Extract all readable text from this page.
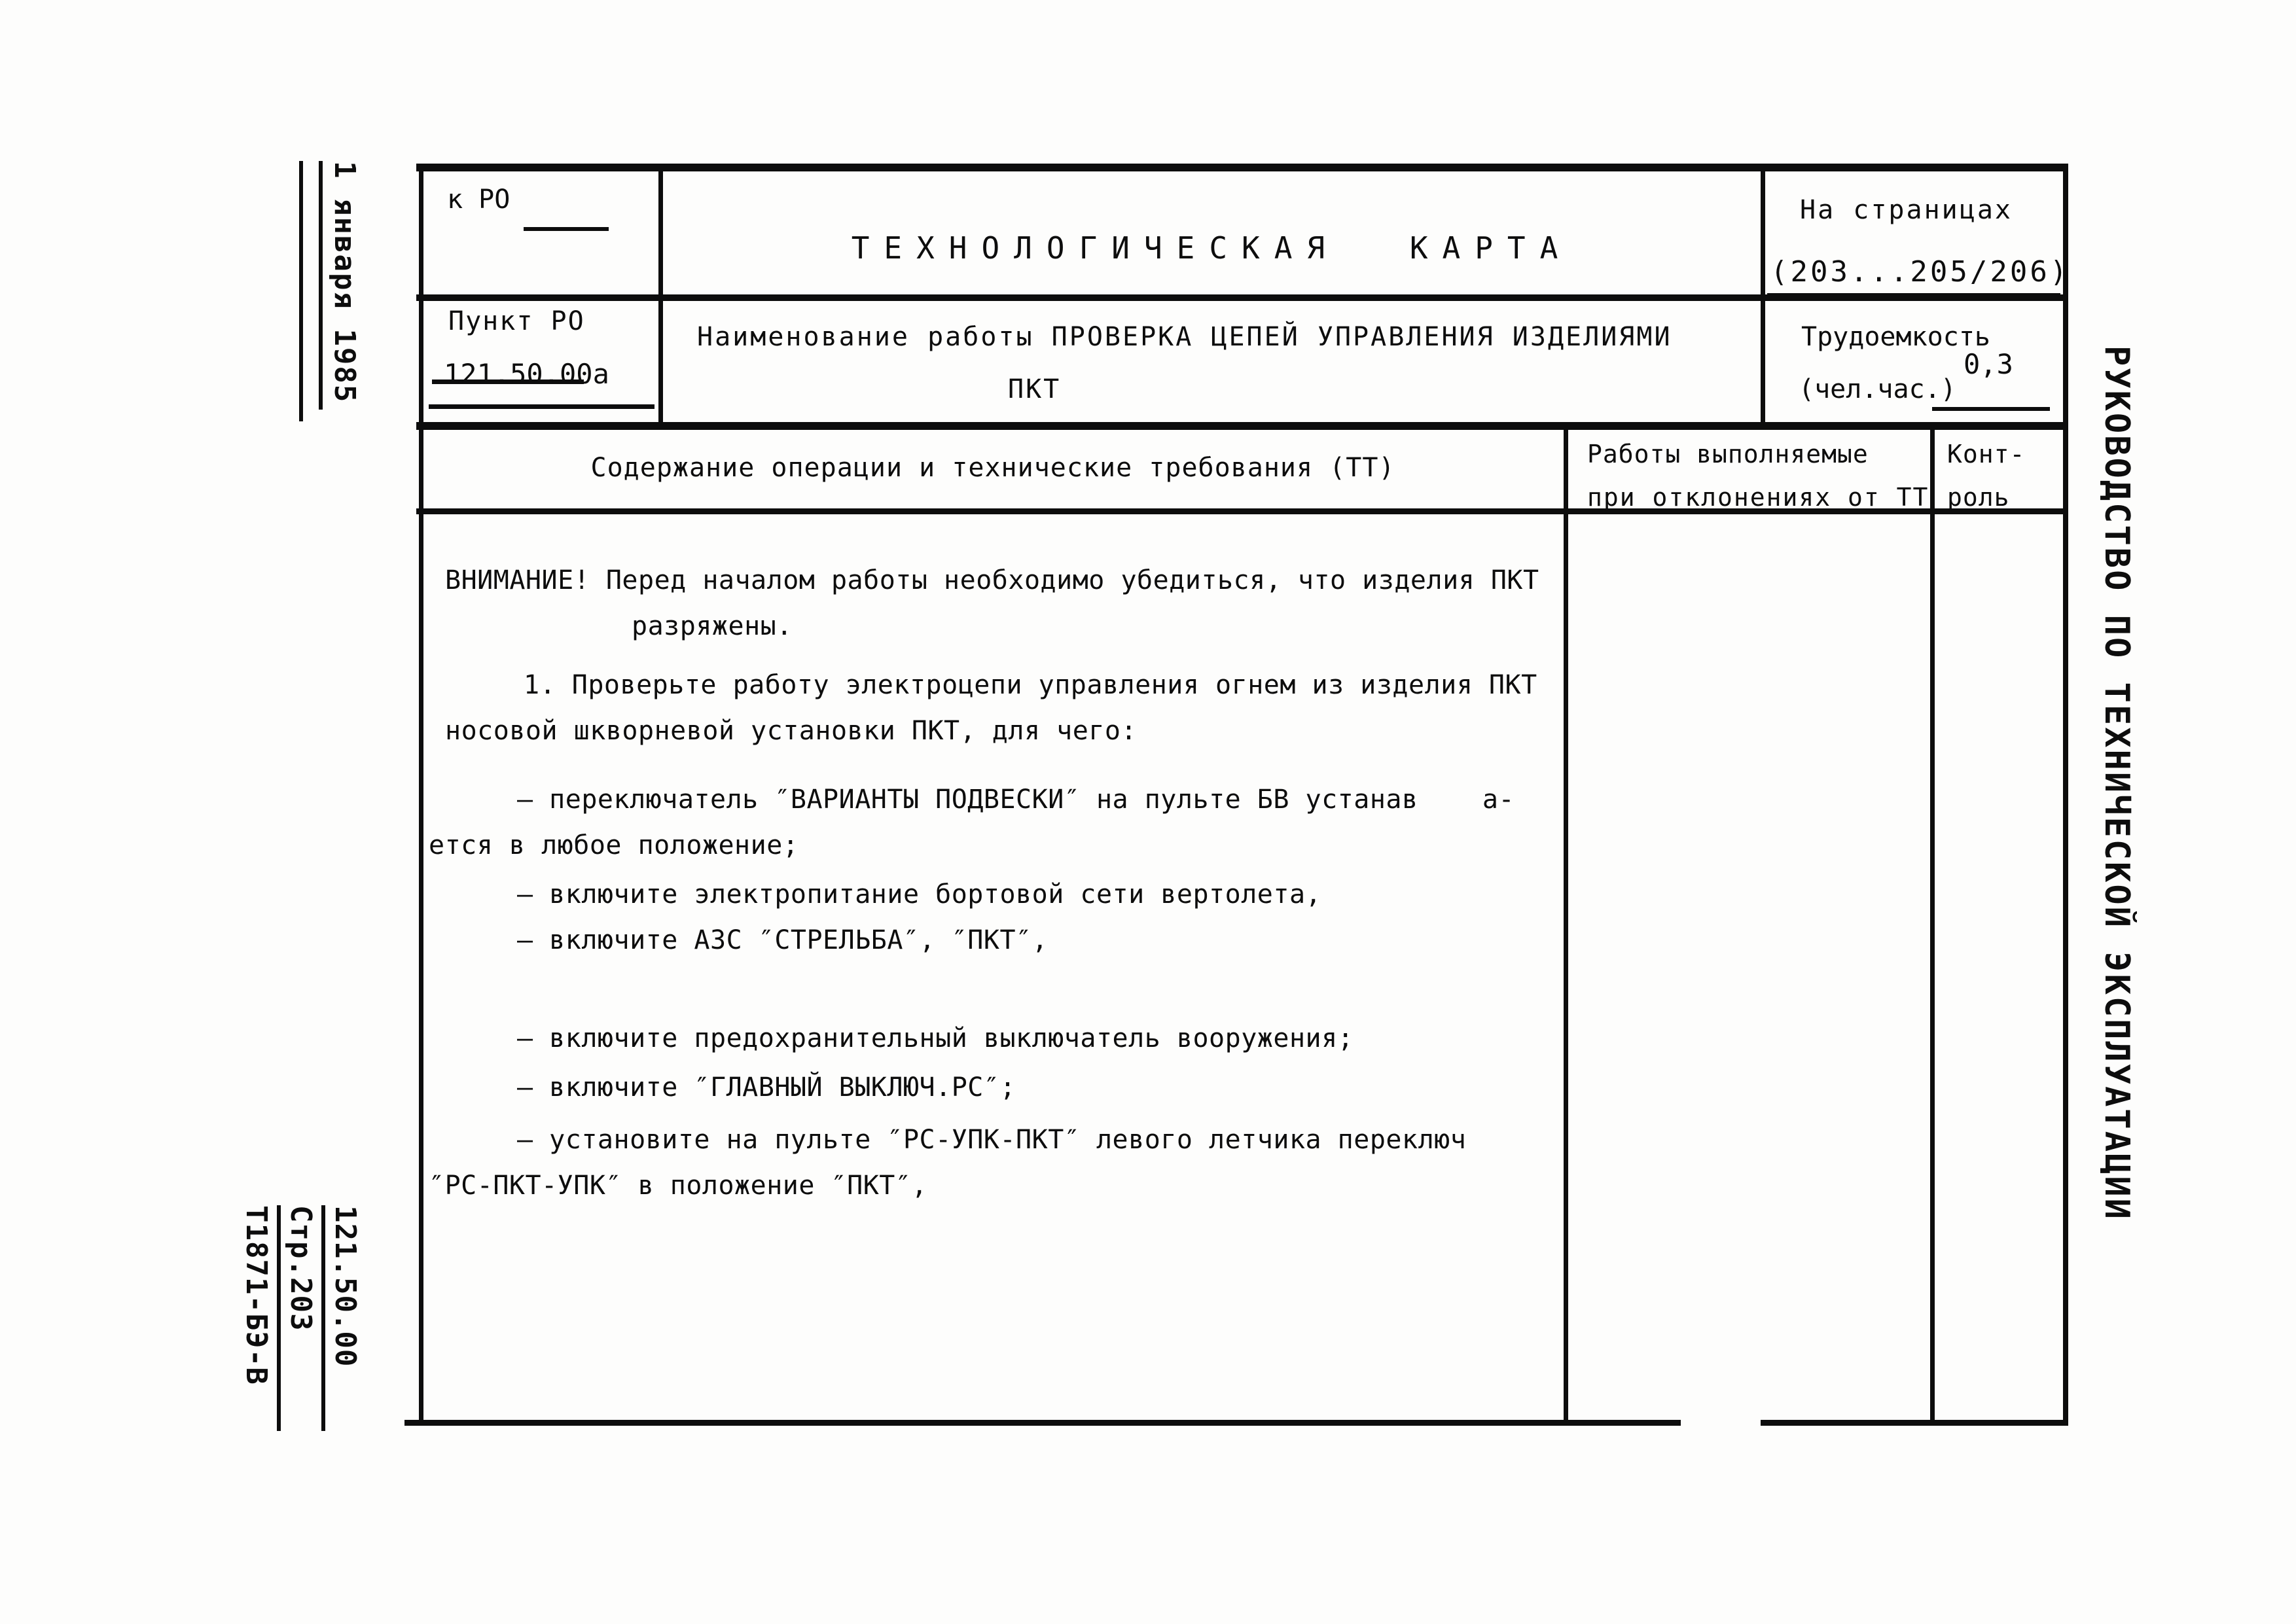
1 января 1985
121.50.00
Стр.203
Т1871-БЭ-В
РУКОВОДСТВО ПО ТЕХНИЧЕСКОЙ ЭКСПЛУАТАЦИИ
к РО
ТЕХНОЛОГИЧЕСКАЯ КАРТА
На страницах
(203...205/206)
Пункт РО
121.50.00а
Наименование работы ПРОВЕРКА ЦЕПЕЙ УПРАВЛЕНИЯ ИЗДЕЛИЯМИ
ПКТ
Трудоемкость
(чел.час.)
0,3
Содержание операции и технические требования (ТТ)	Работы выполняемые
при отклонениях от ТТ
Конт-
роль
ВНИМАНИЕ! Перед началом работы необходимо убедиться, что изделия ПКТ
разряжены.
1. Проверьте работу электроцепи управления огнем из изделия ПКТ
носовой шкворневой установки ПКТ, для чего:
– переключатель ″ВАРИАНТЫ ПОДВЕСКИ″ на пульте БВ устанав    а-
ется в любое положение;
– включите электропитание бортовой сети вертолета,
– включите АЗС ″СТРЕЛЬБА″, ″ПКТ″,
– включите предохранительный выключатель вооружения;
– включите ″ГЛАВНЫЙ ВЫКЛЮЧ.РС″;
– установите на пульте ″РС-УПК-ПКТ″ левого летчика переключ
″РС-ПКТ-УПК″ в положение ″ПКТ″,
